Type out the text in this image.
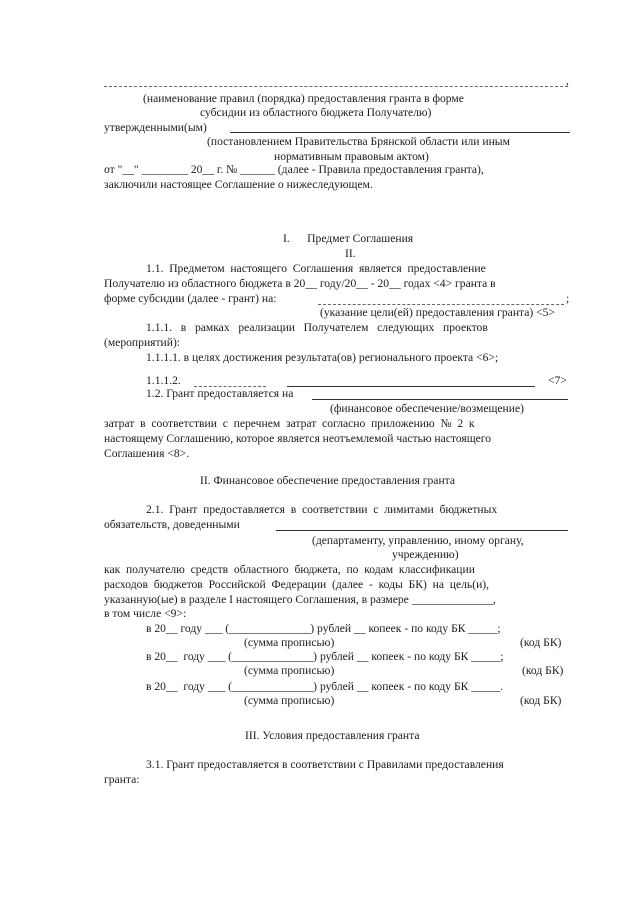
,
(наименование правил (порядка) предоставления гранта в форме
субсидии из областного бюджета Получателю)
утвержденными(ым)
(постановлением Правительства Брянской области или иным
нормативным правовым актом)
от "__" ________ 20__ г. № ______ (далее - Правила предоставления гранта),
заключили настоящее Соглашение о нижеследующем.
I.      Предмет Соглашения
II.
1.1.  Предметом  настоящего  Соглашения  является  предоставление
Получателю из областного бюджета в 20__ году/20__ - 20__ годах <4> гранта в
форме субсидии (далее - грант) на:	;
(указание цели(ей) предоставления гранта) <5>
1.1.1.   в   рамках   реализации   Получателем   следующих   проектов
(мероприятий):
1.1.1.1. в целях достижения результата(ов) регионального проекта <6>;
1.1.1.2.	<7>
1.2. Грант предоставляется на
(финансовое обеспечение/возмещение)
затрат  в  соответствии  с  перечнем  затрат  согласно  приложению  №  2  к
настоящему Соглашению, которое является неотъемлемой частью настоящего
Соглашения <8>.
II. Финансовое обеспечение предоставления гранта
2.1.  Грант  предоставляется  в  соответствии  с  лимитами  бюджетных
обязательств, доведенными
(департаменту, управлению, иному органу,
учреждению)
как  получателю  средств  областного  бюджета,  по  кодам  классификации
расходов  бюджетов  Российской  Федерации  (далее  -  коды  БК)  на  цель(и),
указанную(ые) в разделе I настоящего Соглашения, в размере ______________,
в том числе <9>:
в 20__ году ___ (______________) рублей __ копеек - по коду БК _____;
(сумма прописью)	(код БК)
в 20__  году ___ (______________) рублей __ копеек - по коду БК _____;
(сумма прописью)	(код БК)
в 20__  году ___ (______________) рублей __ копеек - по коду БК _____.
(сумма прописью)	(код БК)
III. Условия предоставления гранта
3.1. Грант предоставляется в соответствии с Правилами предоставления
гранта:
